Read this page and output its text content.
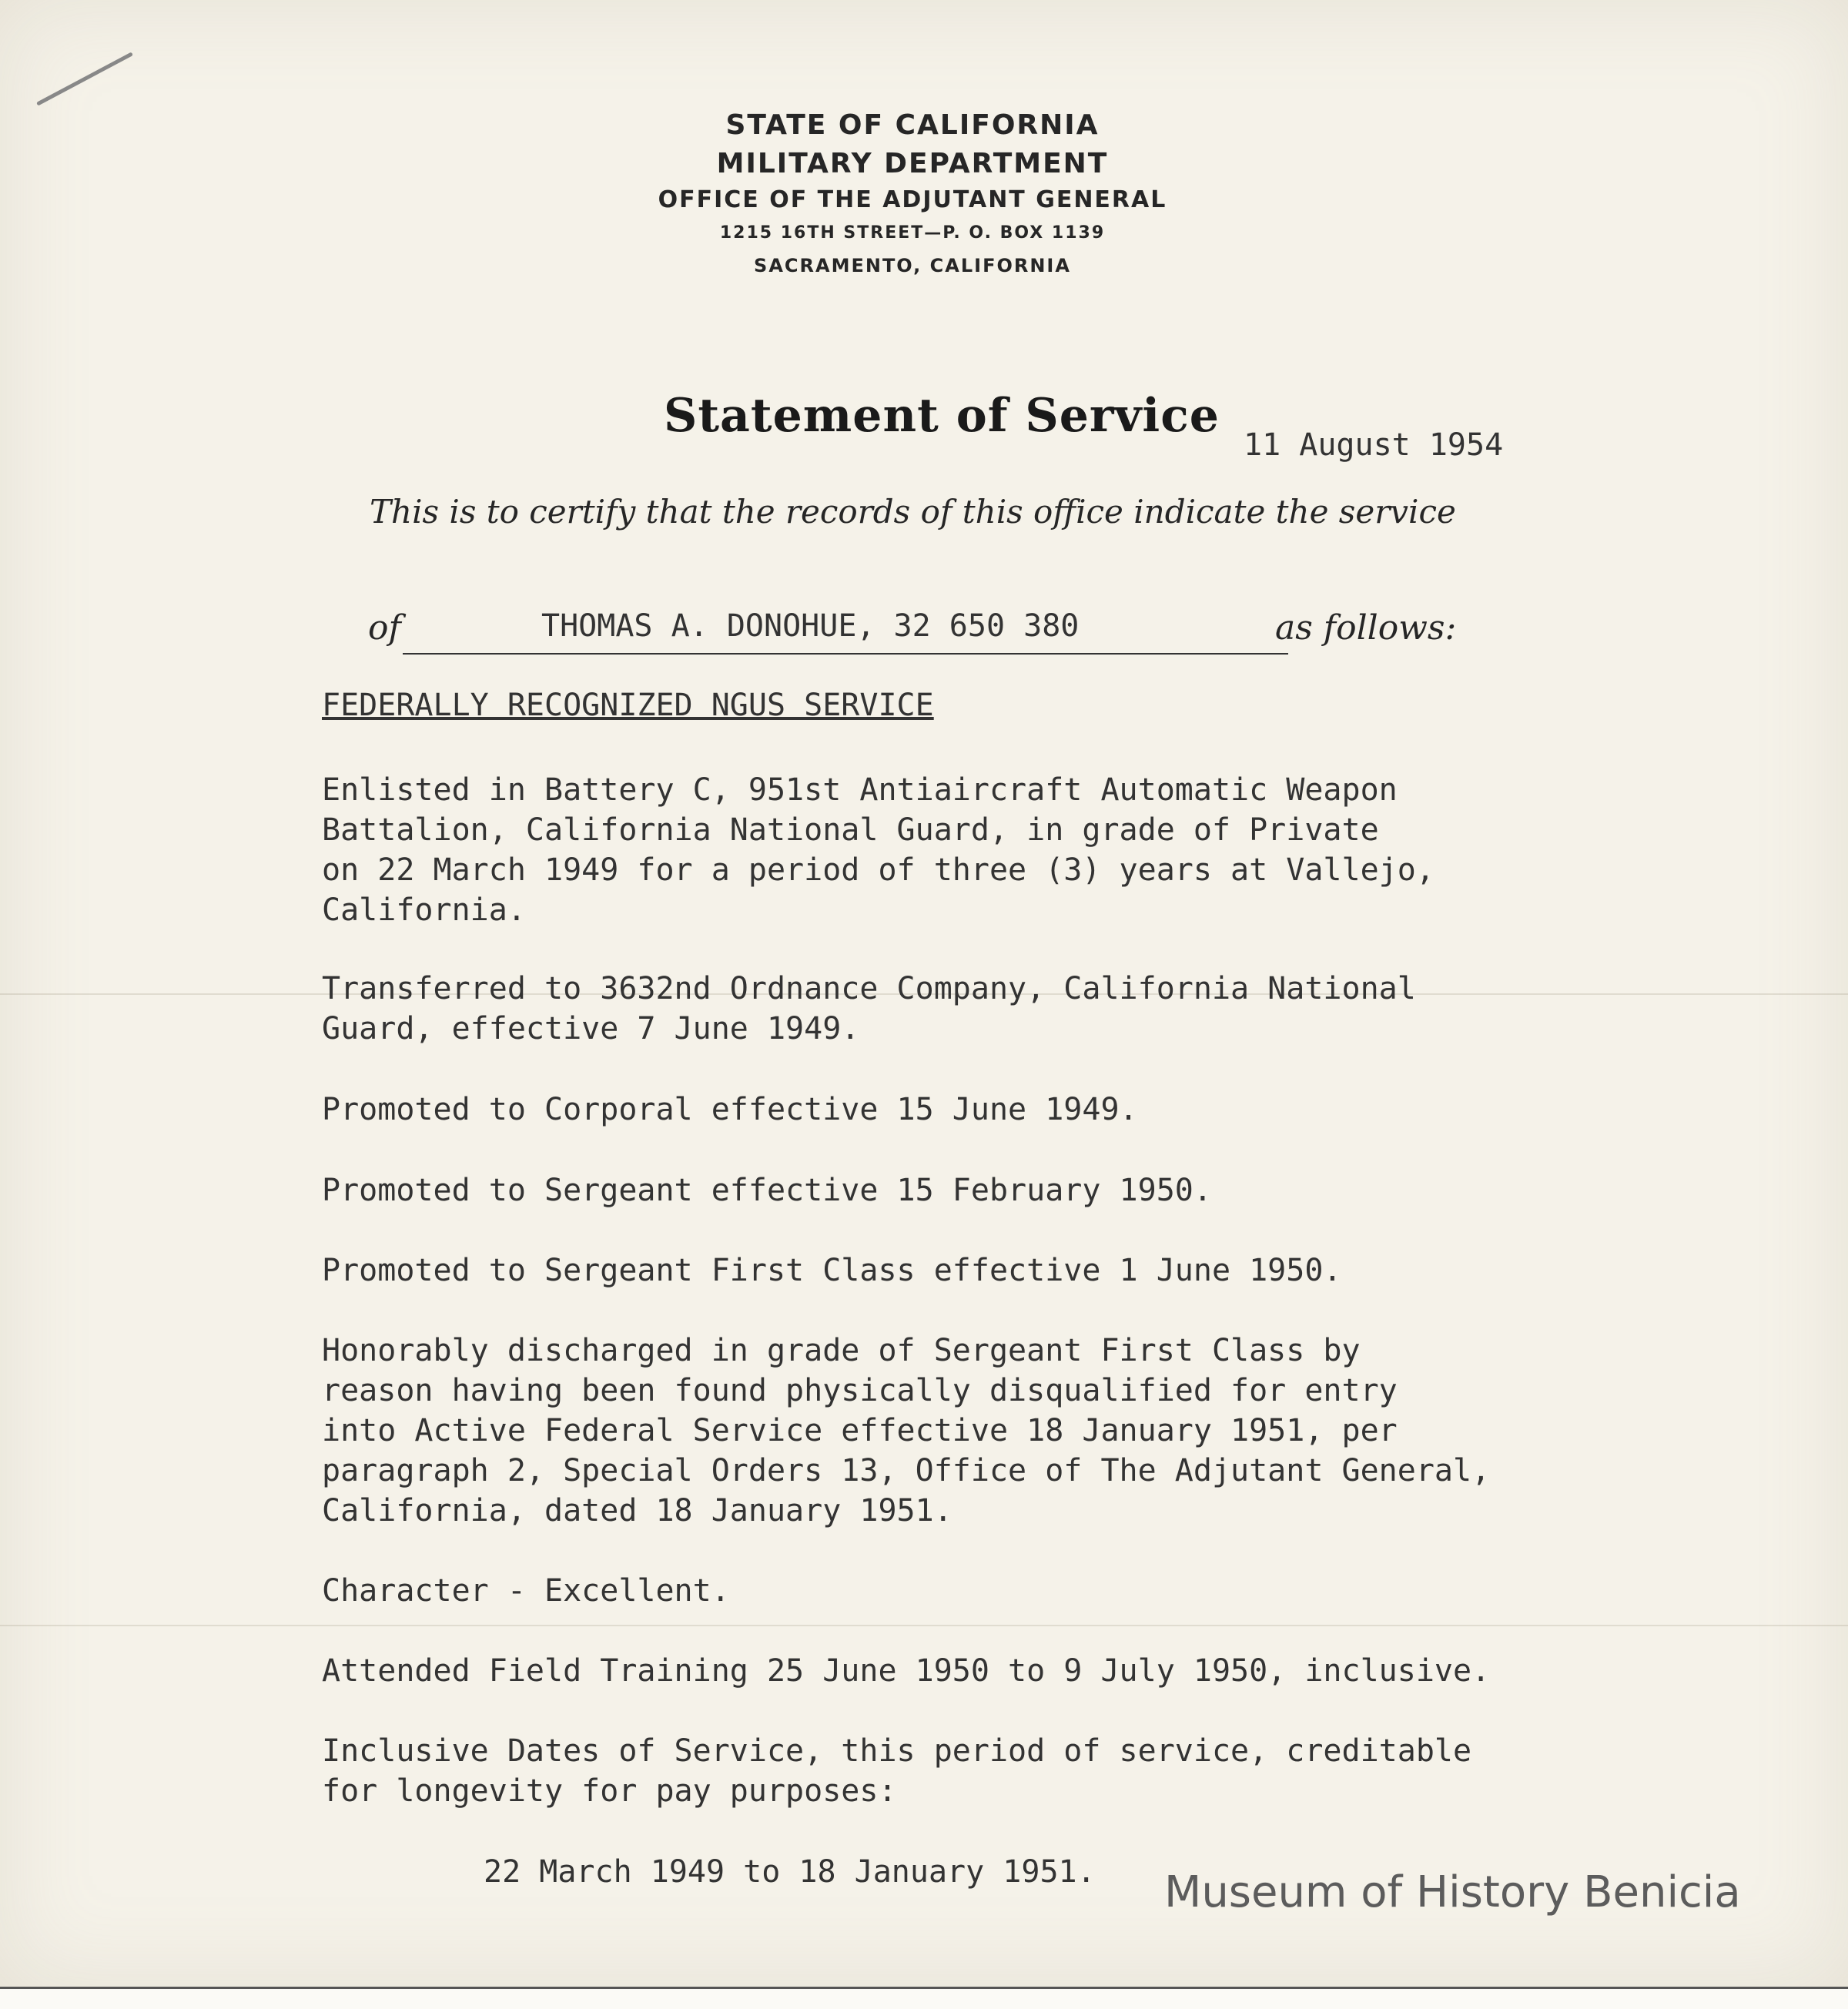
STATE OF CALIFORNIA
MILITARY DEPARTMENT
OFFICE OF THE ADJUTANT GENERAL
1215 16TH STREET—P. O. BOX 1139
SACRAMENTO, CALIFORNIA
Statement of Service
11 August 1954
This is to certify that the records of this office indicate the service
of	THOMAS A. DONOHUE, 32 650 380	as follows:
FEDERALLY RECOGNIZED NGUS SERVICE
Enlisted in Battery C, 951st Antiaircraft Automatic Weapon
Battalion, California National Guard, in grade of Private
on 22 March 1949 for a period of three (3) years at Vallejo,
California.
Transferred to 3632nd Ordnance Company, California National
Guard, effective 7 June 1949.
Promoted to Corporal effective 15 June 1949.
Promoted to Sergeant effective 15 February 1950.
Promoted to Sergeant First Class effective 1 June 1950.
Honorably discharged in grade of Sergeant First Class by
reason having been found physically disqualified for entry
into Active Federal Service effective 18 January 1951, per
paragraph 2, Special Orders 13, Office of The Adjutant General,
California, dated 18 January 1951.
Character - Excellent.
Attended Field Training 25 June 1950 to 9 July 1950, inclusive.
Inclusive Dates of Service, this period of service, creditable
for longevity for pay purposes:
22 March 1949 to 18 January 1951. Museum of History Benicia
